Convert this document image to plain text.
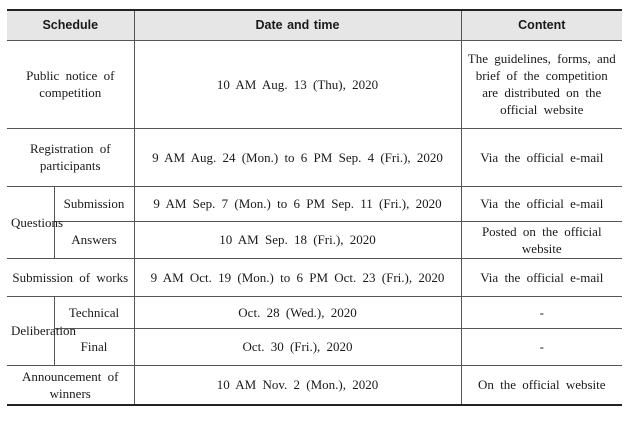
Schedule		Date and time	Content
Public notice of competition		10 AM Aug. 13 (Thu), 2020	The guidelines, forms, and brief of the competition are distributed on the official website
Registration of participants		9 AM Aug. 24 (Mon.) to 6 PM Sep. 4 (Fri.), 2020	Via the official e-mail
Questions	Submission	9 AM Sep. 7 (Mon.) to 6 PM Sep. 11 (Fri.), 2020	Via the official e-mail
	Answers	10 AM Sep. 18 (Fri.), 2020	Posted on the official website
Submission of works		9 AM Oct. 19 (Mon.) to 6 PM Oct. 23 (Fri.), 2020	Via the official e-mail
Deliberation	Technical	Oct. 28 (Wed.), 2020	-
	Final	Oct. 30 (Fri.), 2020	-
Announcement of winners		10 AM Nov. 2 (Mon.), 2020	On the official website
